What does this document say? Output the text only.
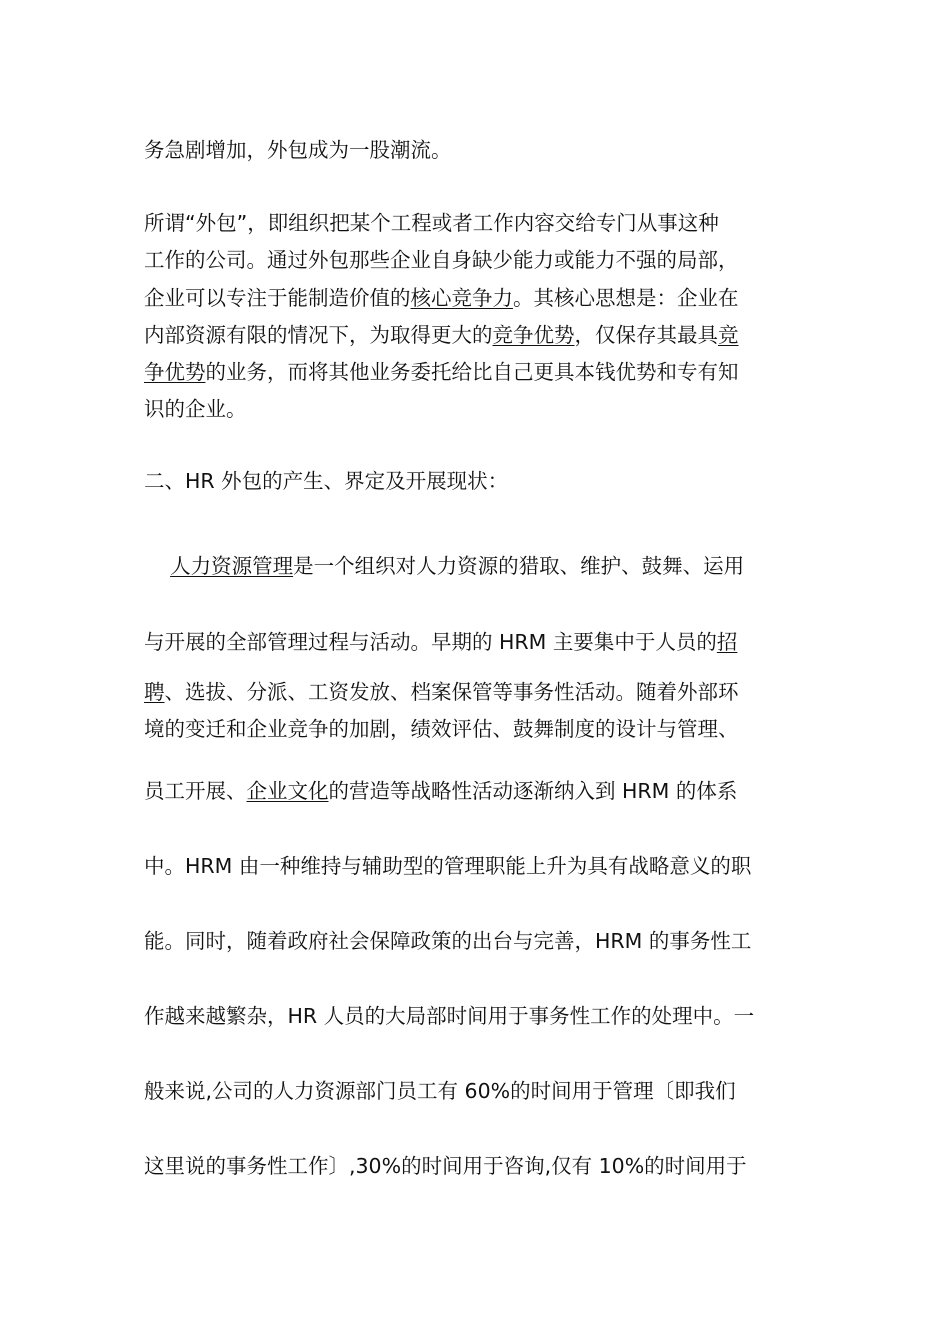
务急剧增加，外包成为一股潮流。

所谓“外包”，即组织把某个工程或者工作内容交给专门从事这种

工作的公司。通过外包那些企业自身缺少能力或能力不强的局部，

企业可以专注于能制造价值的核心竞争力。其核心思想是：企业在

内部资源有限的情况下，为取得更大的竞争优势，仅保存其最具竞

争优势的业务，而将其他业务委托给比自己更具本钱优势和专有知

识的企业。

二、HR 外包的产生、界定及开展现状：

人力资源管理是一个组织对人力资源的猎取、维护、鼓舞、运用

与开展的全部管理过程与活动。早期的 HRM 主要集中于人员的招

聘、选拔、分派、工资发放、档案保管等事务性活动。随着外部环

境的变迁和企业竞争的加剧，绩效评估、鼓舞制度的设计与管理、

员工开展、企业文化的营造等战略性活动逐渐纳入到 HRM 的体系

中。HRM 由一种维持与辅助型的管理职能上升为具有战略意义的职

能。同时，随着政府社会保障政策的出台与完善，HRM 的事务性工

作越来越繁杂，HR 人员的大局部时间用于事务性工作的处理中。一

般来说,公司的人力资源部门员工有 60%的时间用于管理〔即我们

这里说的事务性工作〕,30%的时间用于咨询,仅有 10%的时间用于
